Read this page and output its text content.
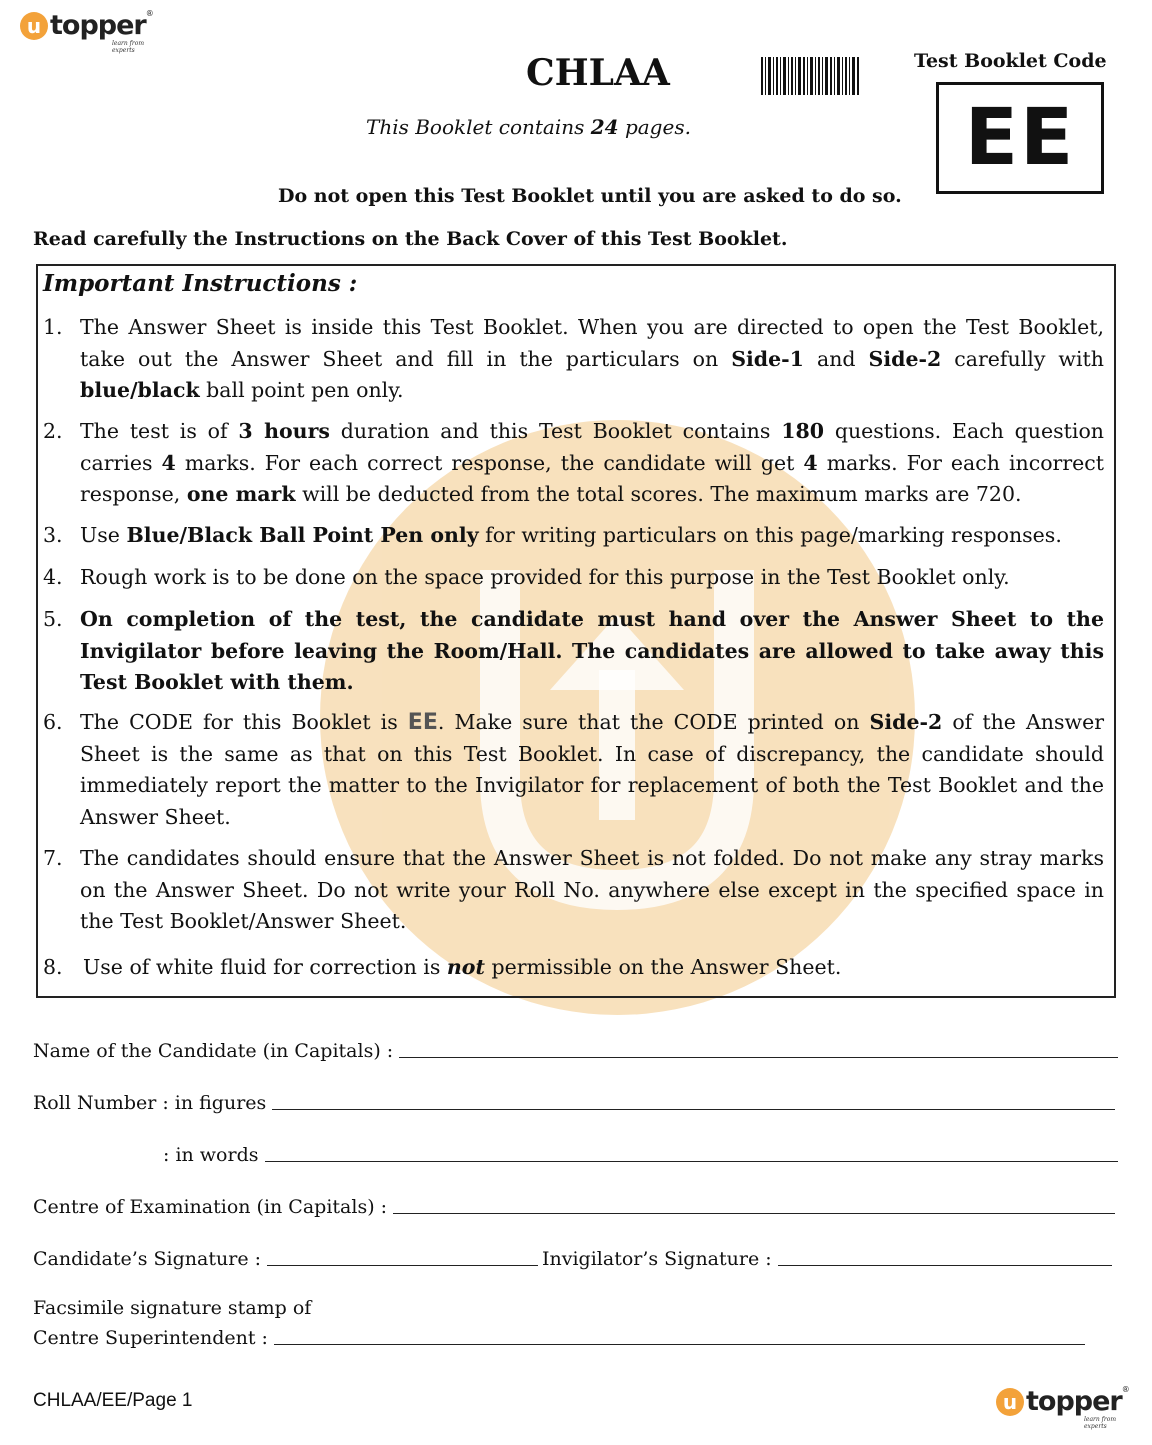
u topper ®
learn from experts
CHLAA	Test Booklet Code
EE
This Booklet contains 24 pages.
Do not open this Test Booklet until you are asked to do so.
Read carefully the Instructions on the Back Cover of this Test Booklet.
Important Instructions :
1. The Answer Sheet is inside this Test Booklet. When you are directed to open the Test Booklet, take out the Answer Sheet and fill in the particulars on Side-1 and Side-2 carefully with blue/black ball point pen only.
2. The test is of 3 hours duration and this Test Booklet contains 180 questions. Each question carries 4 marks. For each correct response, the candidate will get 4 marks. For each incorrect response, one mark will be deducted from the total scores. The maximum marks are 720.
3. Use Blue/Black Ball Point Pen only for writing particulars on this page/marking responses.
4. Rough work is to be done on the space provided for this purpose in the Test Booklet only.
5. On completion of the test, the candidate must hand over the Answer Sheet to the Invigilator before leaving the Room/Hall. The candidates are allowed to take away this Test Booklet with them.
6. The CODE for this Booklet is EE. Make sure that the CODE printed on Side-2 of the Answer Sheet is the same as that on this Test Booklet. In case of discrepancy, the candidate should immediately report the matter to the Invigilator for replacement of both the Test Booklet and the Answer Sheet.
7. The candidates should ensure that the Answer Sheet is not folded. Do not make any stray marks on the Answer Sheet. Do not write your Roll No. anywhere else except in the specified space in the Test Booklet/Answer Sheet.
8. Use of white fluid for correction is not permissible on the Answer Sheet.
Name of the Candidate (in Capitals) :
Roll Number : in figures
: in words
Centre of Examination (in Capitals) :
Candidate’s Signature :	Invigilator’s Signature :
Facsimile signature stamp of
Centre Superintendent :
CHLAA/EE/Page 1	u topper ®
learn from experts
